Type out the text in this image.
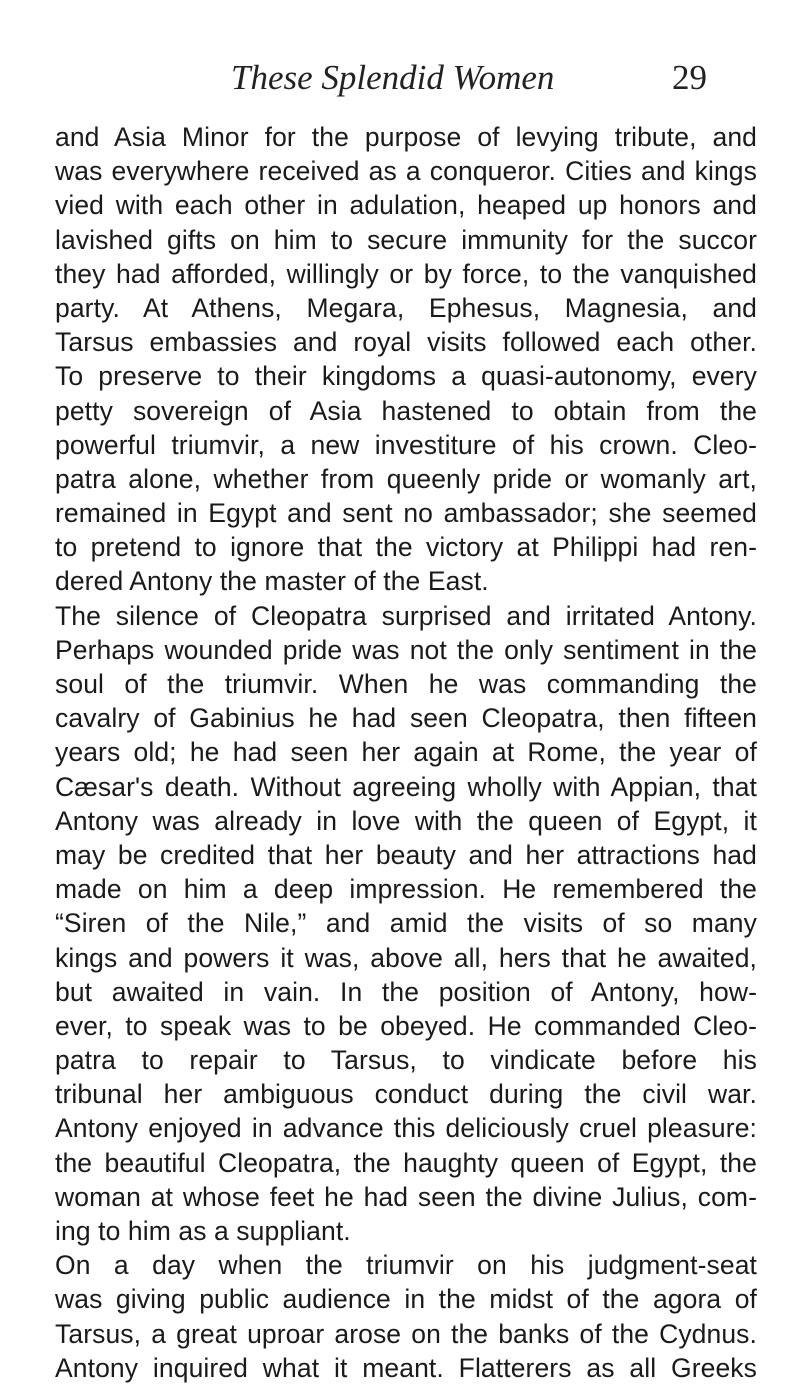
These Splendid Women	29
and Asia Minor for the purpose of levying tribute, and
was everywhere received as a conqueror. Cities and kings
vied with each other in adulation, heaped up honors and
lavished gifts on him to secure immunity for the succor
they had afforded, willingly or by force, to the vanquished
party. At Athens, Megara, Ephesus, Magnesia, and
Tarsus embassies and royal visits followed each other.
To preserve to their kingdoms a quasi-autonomy, every
petty sovereign of Asia hastened to obtain from the
powerful triumvir, a new investiture of his crown. Cleo-
patra alone, whether from queenly pride or womanly art,
remained in Egypt and sent no ambassador; she seemed
to pretend to ignore that the victory at Philippi had ren-
dered Antony the master of the East.
The silence of Cleopatra surprised and irritated Antony.
Perhaps wounded pride was not the only sentiment in the
soul of the triumvir. When he was commanding the
cavalry of Gabinius he had seen Cleopatra, then fifteen
years old; he had seen her again at Rome, the year of
Cæsar's death. Without agreeing wholly with Appian, that
Antony was already in love with the queen of Egypt, it
may be credited that her beauty and her attractions had
made on him a deep impression. He remembered the
“Siren of the Nile,” and amid the visits of so many
kings and powers it was, above all, hers that he awaited,
but awaited in vain. In the position of Antony, how-
ever, to speak was to be obeyed. He commanded Cleo-
patra to repair to Tarsus, to vindicate before his
tribunal her ambiguous conduct during the civil war.
Antony enjoyed in advance this deliciously cruel pleasure:
the beautiful Cleopatra, the haughty queen of Egypt, the
woman at whose feet he had seen the divine Julius, com-
ing to him as a suppliant.
On a day when the triumvir on his judgment-seat
was giving public audience in the midst of the agora of
Tarsus, a great uproar arose on the banks of the Cydnus.
Antony inquired what it meant. Flatterers as all Greeks
